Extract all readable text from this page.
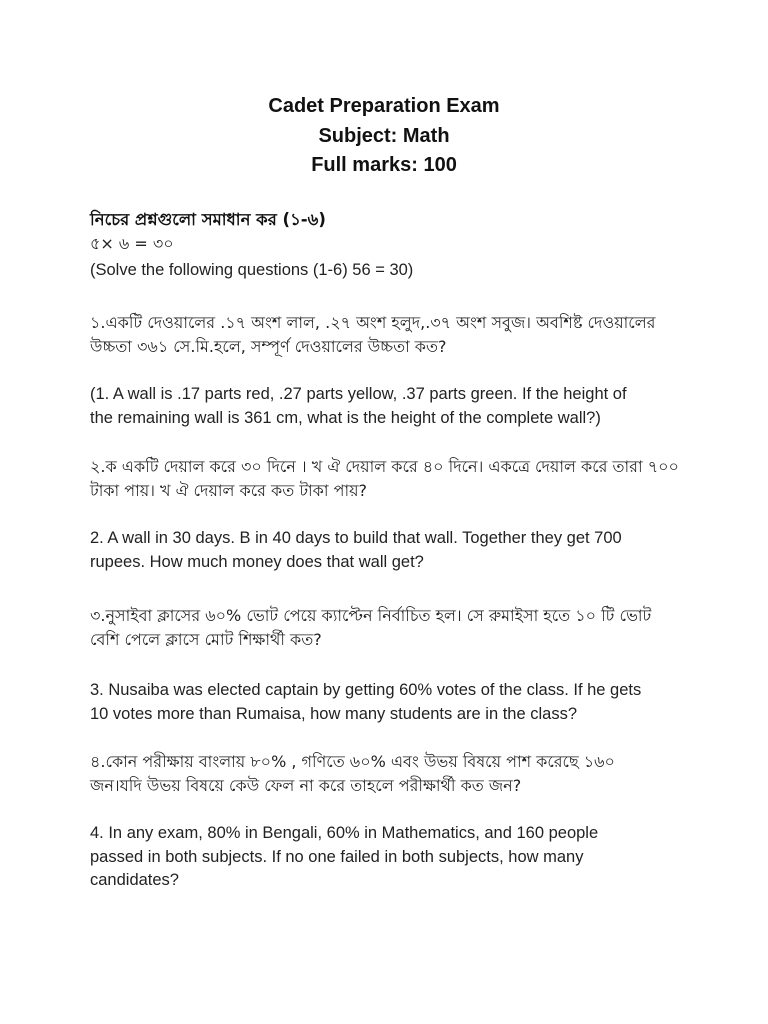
Cadet Preparation Exam
Subject: Math
Full marks: 100
নিচের প্রশ্নগুলো সমাধান কর (১-৬)
৫× ৬ = ৩০
(Solve the following questions (1-6) 56 = 30)
১.একটি দেওয়ালের .১৭ অংশ লাল, .২৭ অংশ হলুদ,.৩৭ অংশ সবুজ। অবশিষ্ট দেওয়ালের
উচ্চতা ৩৬১ সে.মি.হলে, সম্পূর্ণ দেওয়ালের উচ্চতা কত?
(1. A wall is .17 parts red, .27 parts yellow, .37 parts green. If the height of
the remaining wall is 361 cm, what is the height of the complete wall?)
২.ক একটি দেয়াল করে ৩০ দিনে । খ ঐ দেয়াল করে ৪০ দিনে। একত্রে দেয়াল করে তারা ৭০০
টাকা পায়। খ ঐ দেয়াল করে কত টাকা পায়?
2. A wall in 30 days. B in 40 days to build that wall. Together they get 700
rupees. How much money does that wall get?
৩.নুসাইবা ক্লাসের ৬০% ভোট পেয়ে ক্যাপ্টেন নির্বাচিত হল। সে রুমাইসা হতে ১০ টি ভোট
বেশি পেলে ক্লাসে মোট শিক্ষার্থী কত?
3. Nusaiba was elected captain by getting 60% votes of the class. If he gets
10 votes more than Rumaisa, how many students are in the class?
৪.কোন পরীক্ষায় বাংলায় ৮০% , গণিতে ৬০% এবং উভয় বিষয়ে পাশ করেছে ১৬০
জন।যদি উভয় বিষয়ে কেউ ফেল না করে তাহলে পরীক্ষার্থী কত জন?
4. In any exam, 80% in Bengali, 60% in Mathematics, and 160 people
passed in both subjects. If no one failed in both subjects, how many
candidates?
